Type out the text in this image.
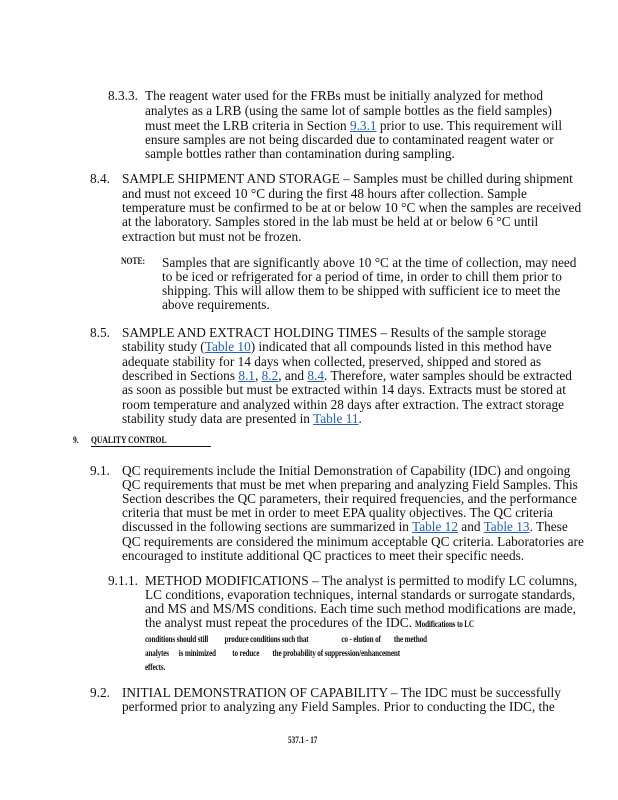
9. QUALITY CONTROL
537.1 - 17
8.3.3. The reagent water used for the FRBs must be initially analyzed for method
analytes as a LRB (using the same lot of sample bottles as the field samples)
must meet the LRB criteria in Section 9.3.1 prior to use. This requirement will
ensure samples are not being discarded due to contaminated reagent water or
sample bottles rather than contamination during sampling.
8.4. SAMPLE SHIPMENT AND STORAGE – Samples must be chilled during shipment
and must not exceed 10 °C during the first 48 hours after collection. Sample
temperature must be confirmed to be at or below 10 °C when the samples are received
at the laboratory. Samples stored in the lab must be held at or below 6 °C until
extraction but must not be frozen.
NOTE: Samples that are significantly above 10 °C at the time of collection, may need
to be iced or refrigerated for a period of time, in order to chill them prior to
shipping. This will allow them to be shipped with sufficient ice to meet the
above requirements.
8.5. SAMPLE AND EXTRACT HOLDING TIMES – Results of the sample storage
stability study (Table 10) indicated that all compounds listed in this method have
adequate stability for 14 days when collected, preserved, shipped and stored as
described in Sections 8.1, 8.2, and 8.4. Therefore, water samples should be extracted
as soon as possible but must be extracted within 14 days. Extracts must be stored at
room temperature and analyzed within 28 days after extraction. The extract storage
stability study data are presented in Table 11.
9.1. QC requirements include the Initial Demonstration of Capability (IDC) and ongoing
QC requirements that must be met when preparing and analyzing Field Samples. This
Section describes the QC parameters, their required frequencies, and the performance
criteria that must be met in order to meet EPA quality objectives. The QC criteria
discussed in the following sections are summarized in Table 12 and Table 13. These
QC requirements are considered the minimum acceptable QC criteria. Laboratories are
encouraged to institute additional QC practices to meet their specific needs.
9.1.1. METHOD MODIFICATIONS – The analyst is permitted to modify LC columns,
LC conditions, evaporation techniques, internal standards or surrogate standards,
and MS and MS/MS conditions. Each time such method modifications are made,
the analyst must repeat the procedures of the IDC. Modifications to LC
conditions should still          produce conditions such that                    co - elution of        the method
analytes      is minimized          to reduce        the probability of suppression/enhancement
effects.
9.2. INITIAL DEMONSTRATION OF CAPABILITY – The IDC must be successfully
performed prior to analyzing any Field Samples. Prior to conducting the IDC, the
